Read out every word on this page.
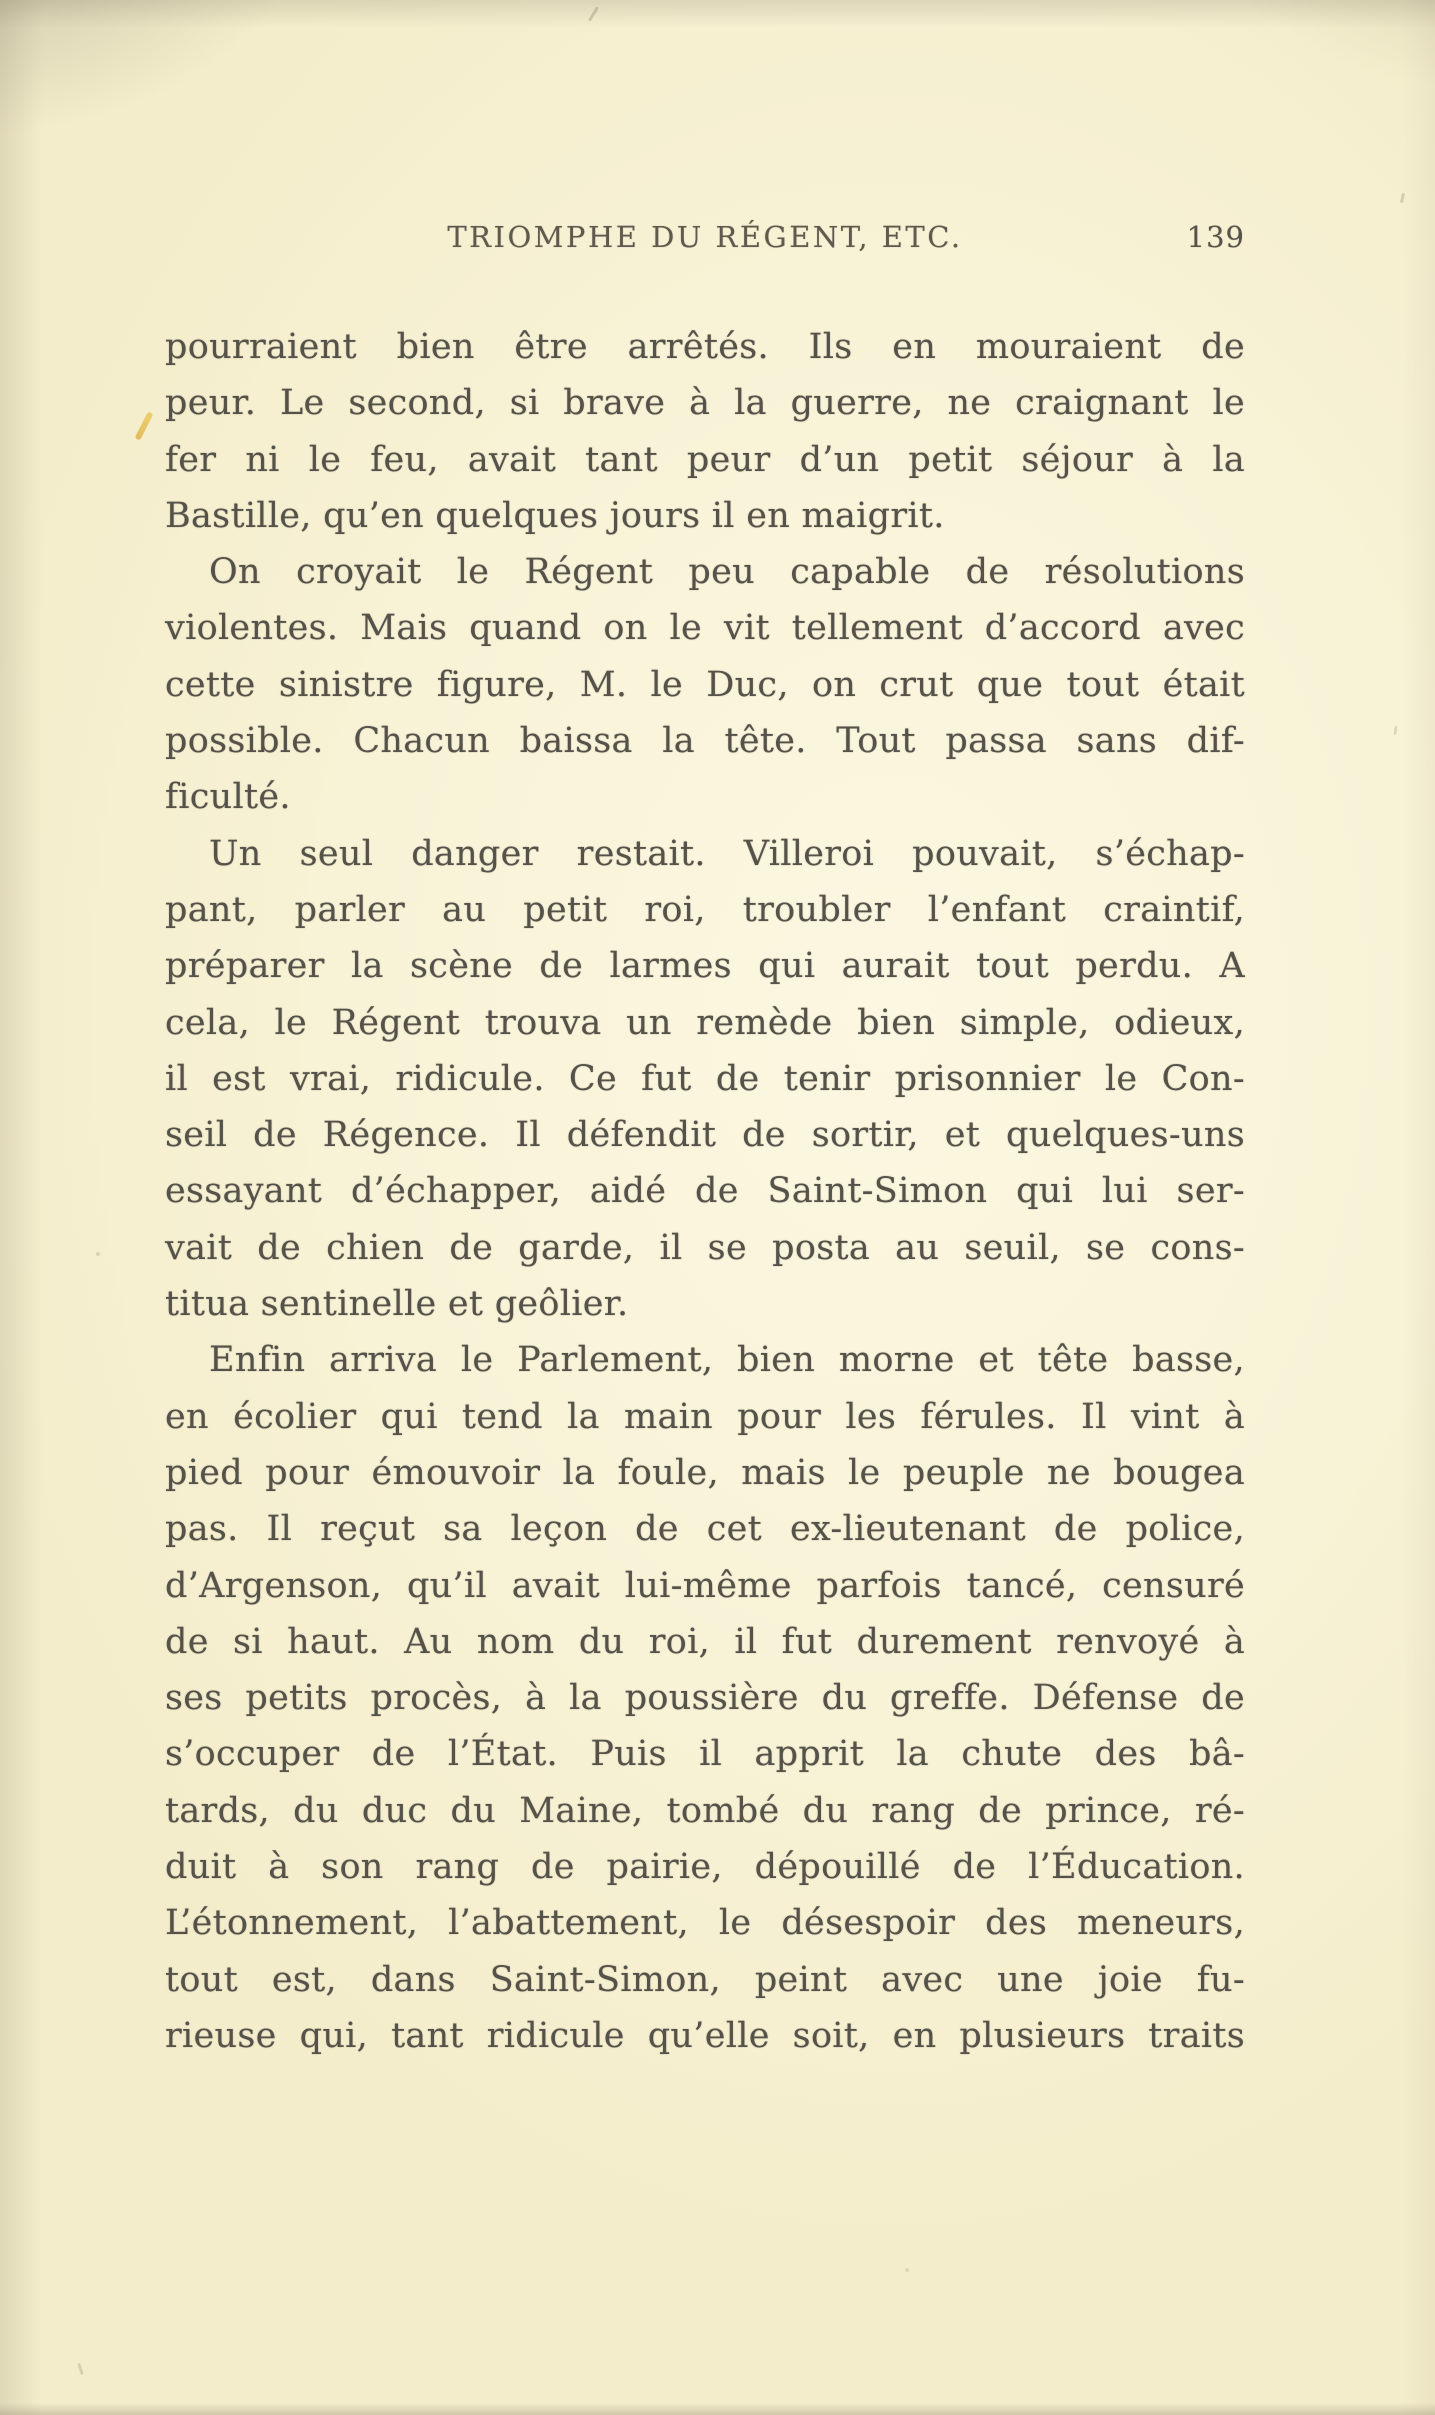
TRIOMPHE DU RÉGENT, ETC.	139
pourraient bien être arrêtés. Ils en mouraient de
peur. Le second, si brave à la guerre, ne craignant le
fer ni le feu, avait tant peur d’un petit séjour à la
Bastille, qu’en quelques jours il en maigrit.
On croyait le Régent peu capable de résolutions
violentes. Mais quand on le vit tellement d’accord avec
cette sinistre figure, M. le Duc, on crut que tout était
possible. Chacun baissa la tête. Tout passa sans dif-
ficulté.
Un seul danger restait. Villeroi pouvait, s’échap-
pant, parler au petit roi, troubler l’enfant craintif,
préparer la scène de larmes qui aurait tout perdu. A
cela, le Régent trouva un remède bien simple, odieux,
il est vrai, ridicule. Ce fut de tenir prisonnier le Con-
seil de Régence. Il défendit de sortir, et quelques-uns
essayant d’échapper, aidé de Saint-Simon qui lui ser-
vait de chien de garde, il se posta au seuil, se cons-
titua sentinelle et geôlier.
Enfin arriva le Parlement, bien morne et tête basse,
en écolier qui tend la main pour les férules. Il vint à
pied pour émouvoir la foule, mais le peuple ne bougea
pas. Il reçut sa leçon de cet ex-lieutenant de police,
d’Argenson, qu’il avait lui-même parfois tancé, censuré
de si haut. Au nom du roi, il fut durement renvoyé à
ses petits procès, à la poussière du greffe. Défense de
s’occuper de l’État. Puis il apprit la chute des bâ-
tards, du duc du Maine, tombé du rang de prince, ré-
duit à son rang de pairie, dépouillé de l’Éducation.
L’étonnement, l’abattement, le désespoir des meneurs,
tout est, dans Saint-Simon, peint avec une joie fu-
rieuse qui, tant ridicule qu’elle soit, en plusieurs traits
